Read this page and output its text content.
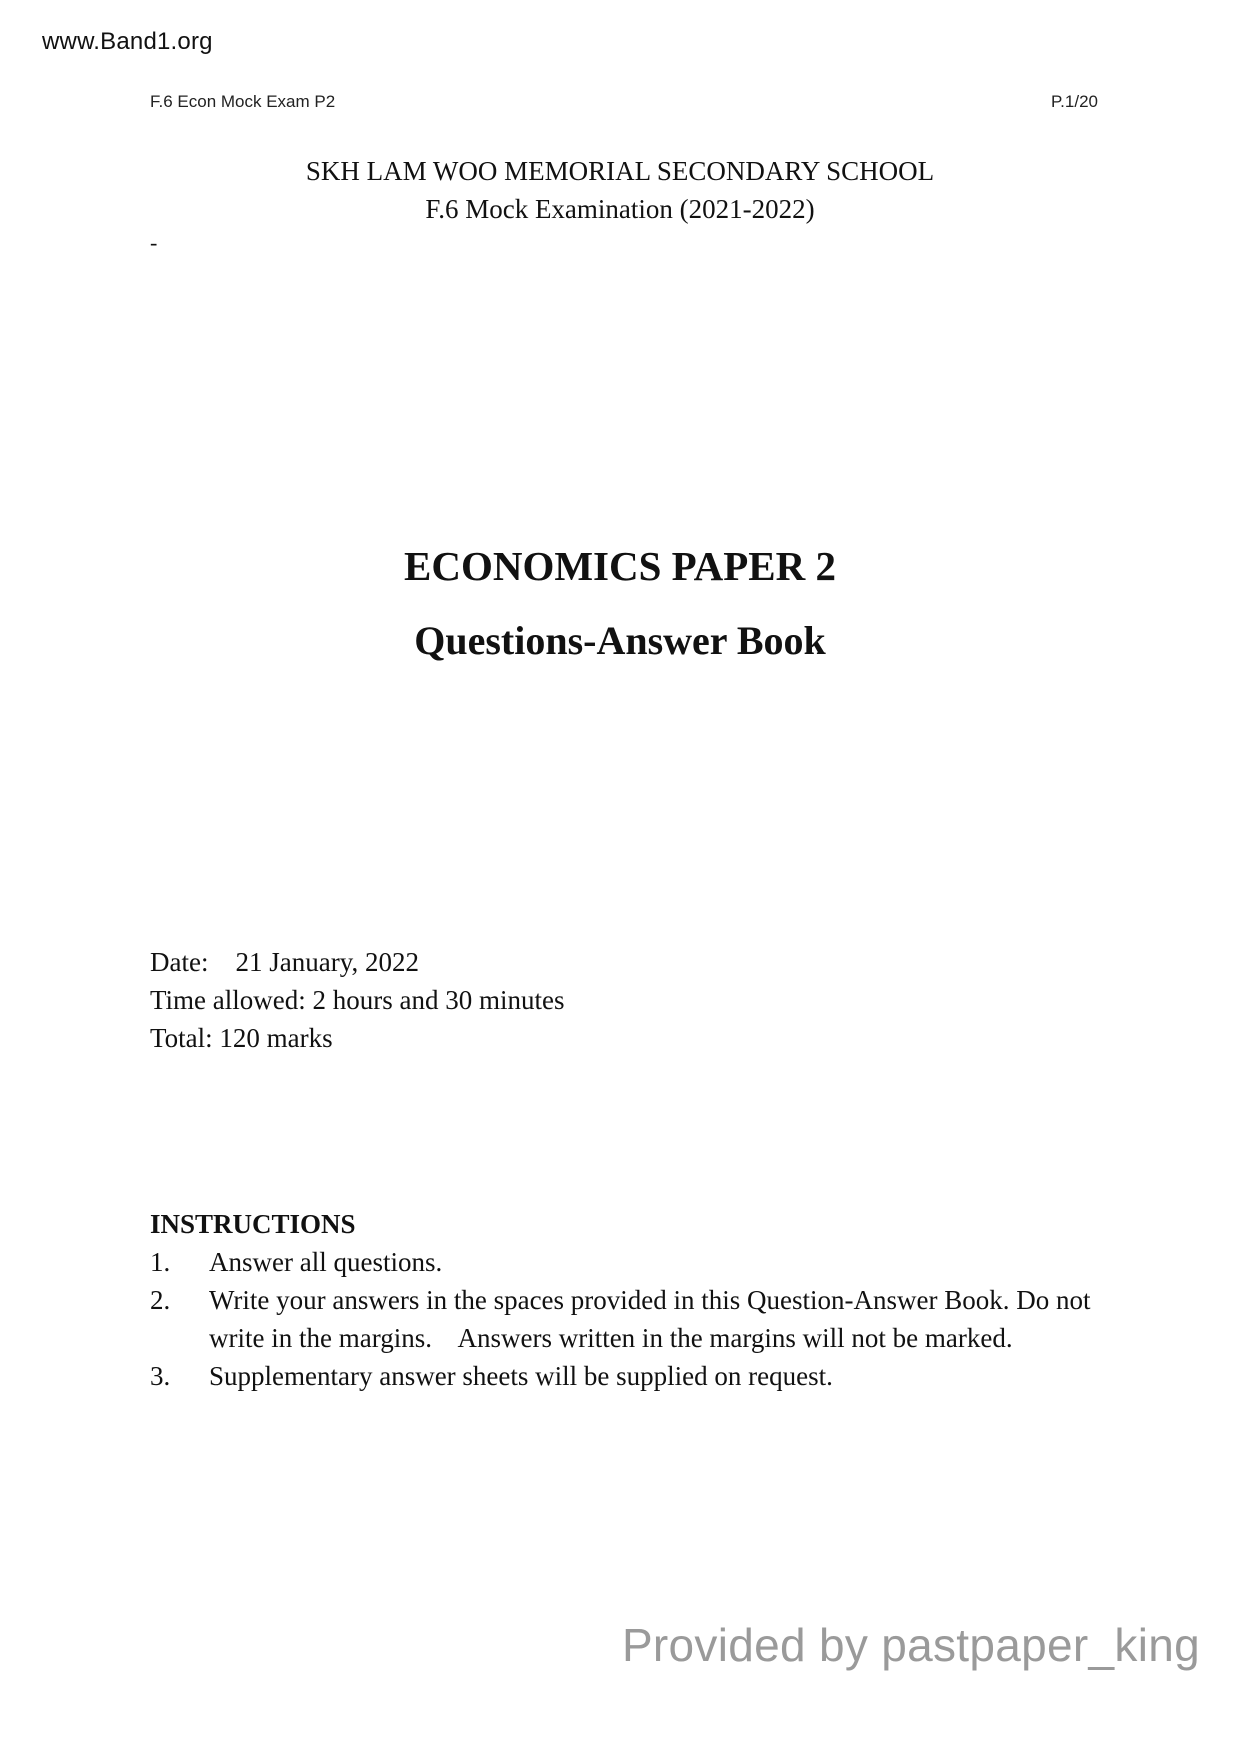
www.Band1.org
F.6 Econ Mock Exam P2	P.1/20
SKH LAM WOO MEMORIAL SECONDARY SCHOOL
F.6 Mock Examination (2021-2022)
-
ECONOMICS PAPER 2
Questions-Answer Book
Date: 21 January, 2022
Time allowed: 2 hours and 30 minutes
Total: 120 marks
INSTRUCTIONS
1.	Answer all questions.
2.	Write your answers in the spaces provided in this Question-Answer Book. Do not write in the margins.    Answers written in the margins will not be marked.
3.	Supplementary answer sheets will be supplied on request.
Provided by pastpaper_king
